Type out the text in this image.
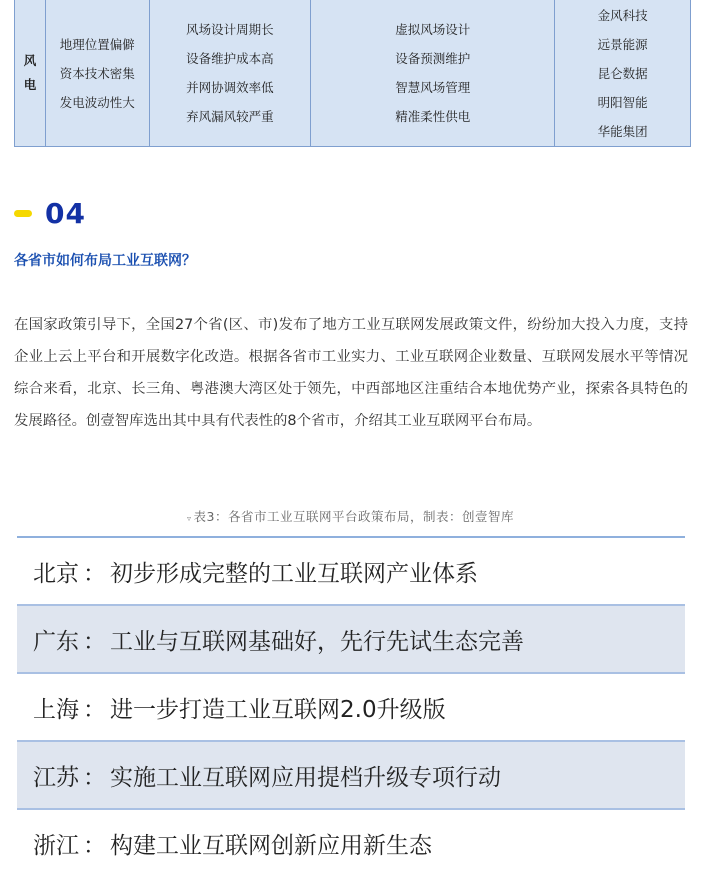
风
电
地理位置偏僻
资本技术密集
发电波动性大
风场设计周期长
设备维护成本高
并网协调效率低
弃风漏风较严重
虚拟风场设计
设备预测维护
智慧风场管理
精准柔性供电
金风科技
远景能源
昆仑数据
明阳智能
华能集团
04
各省市如何布局工业互联网？

在国家政策引导下，全国27个省(区、市)发布了地方工业互联网发展政策文件，纷纷加大投入力度，支持企业上云上平台和开展数字化改造。根据各省市工业实力、工业互联网企业数量、互联网发展水平等情况综合来看，北京、长三角、粤港澳大湾区处于领先，中西部地区注重结合本地优势产业，探索各具特色的发展路径。创壹智库选出其中具有代表性的8个省市，介绍其工业互联网平台布局。

▿ 表3：各省市工业互联网平台政策布局，制表：创壹智库
北京 ： 初步形成完整的工业互联网产业体系
广东 ： 工业与互联网基础好，先行先试生态完善
上海 ： 进一步打造工业互联网2.0升级版
江苏 ： 实施工业互联网应用提档升级专项行动
浙江 ： 构建工业互联网创新应用新生态
